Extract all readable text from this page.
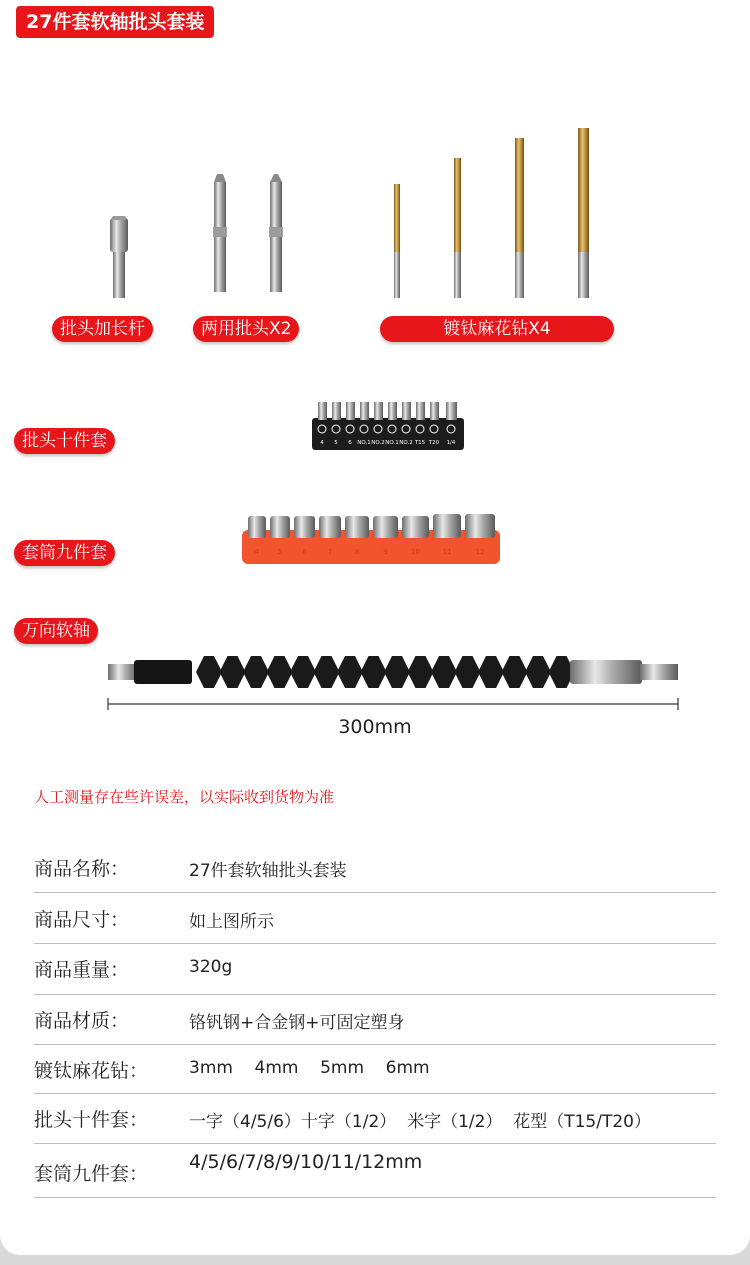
27件套软轴批头套装
批头加长杆	两用批头X2	镀钛麻花钻X4
4 5 6 NO.1 NO.2 NO.1 NO.2 T15 T20 1/4
批头十件套
4	5	6	7	8	9	10	11	12
套筒九件套
万向软轴
300mm
人工测量存在些许误差，以实际收到货物为准
商品名称：	27件套软轴批头套装
商品尺寸：	如上图所示
商品重量：	320g
商品材质：	铬钒钢+合金钢+可固定塑身
镀钛麻花钻： 3mm    4mm    5mm    6mm
批头十件套： 一字（4/5/6）十字（1/2）  米字（1/2）  花型（T15/T20）
套筒九件套：
4/5/6/7/8/9/10/11/12mm
